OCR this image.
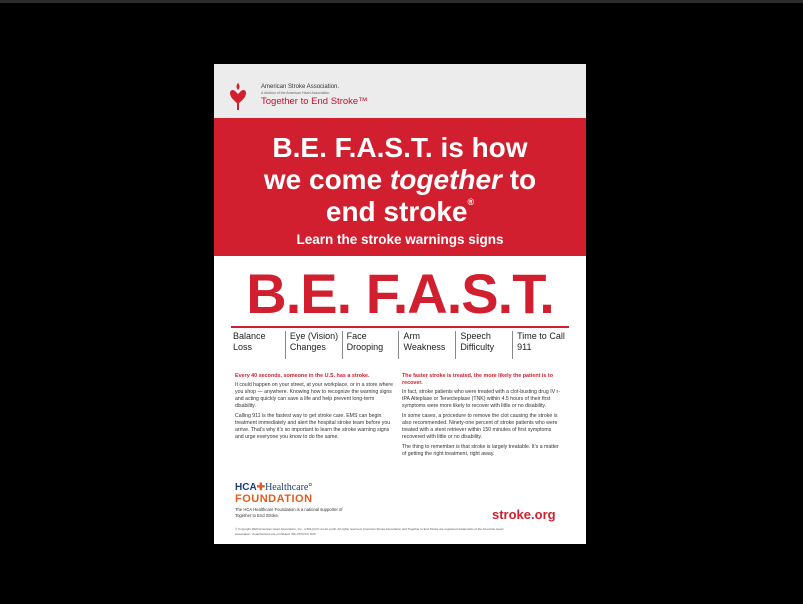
American Stroke Association.
A division of the American Heart Association
Together to End Stroke™
B.E. F.A.S.T. is how
we come together to
end stroke®
Learn the stroke warnings signs
B.E. F.A.S.T.
Balance Loss
Eye (Vision) Changes
Face Drooping
Arm Weakness
Speech Difficulty
Time to Call 911
Every 40 seconds, someone in the U.S. has a stroke.

It could happen on your street, at your workplace, or in a store where you shop — anywhere. Knowing how to recognize the warning signs and acting quickly can save a life and help prevent long-term disability.

Calling 911 is the fastest way to get stroke care. EMS can begin treatment immediately and alert the hospital stroke team before you arrive. That’s why it’s so important to learn the stroke warning signs and urge everyone you know to do the same.

The faster stroke is treated, the more likely the patient is to recover.

In fact, stroke patients who were treated with a clot-busting drug IV r-tPA Alteplase or Tenecteplase (TNK) within 4.5 hours of their first symptoms were more likely to recover with little or no disability.

In some cases, a procedure to remove the clot causing the stroke is also recommended. Ninety-one percent of stroke patients who were treated with a stent retriever within 150 minutes of first symptoms recovered with little or no disability.

The thing to remember is that stroke is largely treatable. It’s a matter of getting the right treatment, right away.

HCA✚Healthcare°
FOUNDATION
The HCA Healthcare Foundation is a national supporter of Together to End Stroke.	stroke.org
© Copyright 2020 American Heart Association, Inc., a 501(c)(3) not-for-profit. All rights reserved. American Stroke Association and Together to End Stroke are registered trademarks of the American Heart Association. Unauthorized use prohibited. WF-XXXXXX 3/20
